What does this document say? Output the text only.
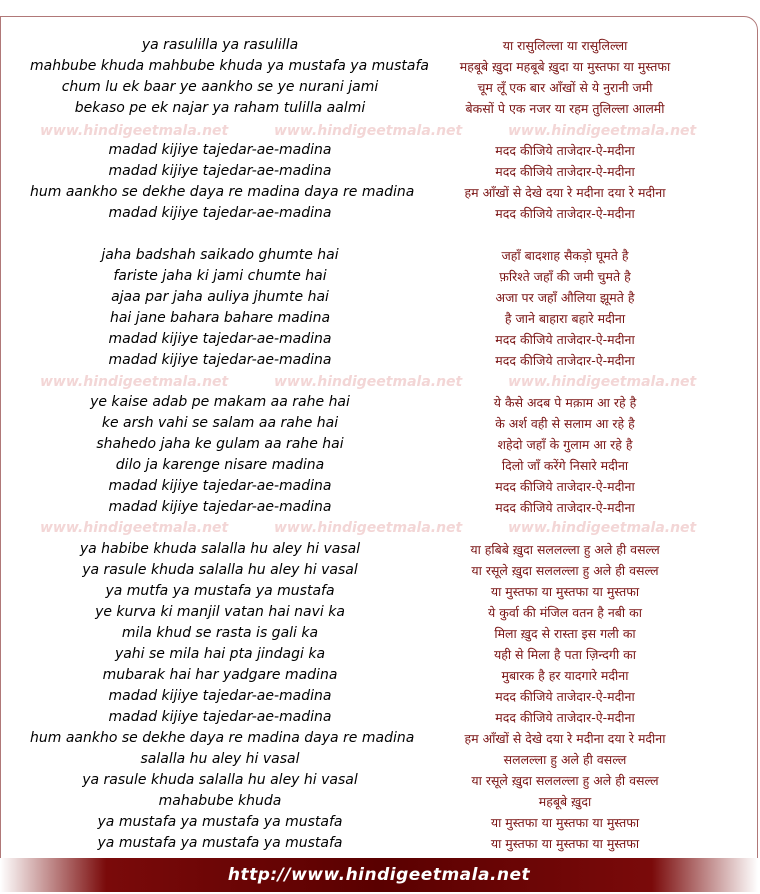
ya rasulilla ya rasulilla	या रासुलिल्ला या रासुलिल्ला
mahbube khuda mahbube khuda ya mustafa ya mustafa	महबूबे ख़ुदा महबूबे ख़ुदा या मुस्तफा या मुस्तफा
chum lu ek baar ye aankho se ye nurani jami	चूम लूँ एक बार आँखों से ये नुरानी जमी
bekaso pe ek najar ya raham tulilla aalmi	बेकसों पे एक नजर या रहम तुलिल्ला आलमी
madad kijiye tajedar-ae-madina	मदद कीजिये ताजेदार-ऐ-मदीना
madad kijiye tajedar-ae-madina	मदद कीजिये ताजेदार-ऐ-मदीना
hum aankho se dekhe daya re madina daya re madina	हम आँखों से देखे दया रे मदीना दया रे मदीना
madad kijiye tajedar-ae-madina	मदद कीजिये ताजेदार-ऐ-मदीना
jaha badshah saikado ghumte hai	जहाँ बादशाह सैकड़ो घूमते है
fariste jaha ki jami chumte hai	फ़रिश्ते जहाँ की जमी चुमते है
ajaa par jaha auliya jhumte hai	अजा पर जहाँ औलिया झूमते है
hai jane bahara bahare madina	है जाने बाहारा बहारे मदीना
madad kijiye tajedar-ae-madina	मदद कीजिये ताजेदार-ऐ-मदीना
madad kijiye tajedar-ae-madina	मदद कीजिये ताजेदार-ऐ-मदीना
ye kaise adab pe makam aa rahe hai	ये कैसे अदब पे मक़ाम आ रहे है
ke arsh vahi se salam aa rahe hai	के अर्श वही से सलाम आ रहे है
shahedo jaha ke gulam aa rahe hai	शहेदो जहाँ के गुलाम आ रहे है
dilo ja karenge nisare madina	दिलो जाँ करेंगे निसारे मदीना
madad kijiye tajedar-ae-madina	मदद कीजिये ताजेदार-ऐ-मदीना
madad kijiye tajedar-ae-madina	मदद कीजिये ताजेदार-ऐ-मदीना
ya habibe khuda salalla hu aley hi vasal	या हबिबे ख़ुदा सललल्ला हु अले ही वसल्ल
ya rasule khuda salalla hu aley hi vasal	या रसूले ख़ुदा सललल्ला हु अले ही वसल्ल
ya mutfa ya mustafa ya mustafa	या मुस्तफा या मुस्तफा या मुस्तफा
ye kurva ki manjil vatan hai navi ka	ये कुर्वा की मंजिल वतन है नबी का
mila khud se rasta is gali ka	मिला ख़ुद से रास्ता इस गली का
yahi se mila hai pta jindagi ka	यही से मिला है पता ज़िन्दगी का
mubarak hai har yadgare madina	मुबारक है हर यादगारे मदीना
madad kijiye tajedar-ae-madina	मदद कीजिये ताजेदार-ऐ-मदीना
madad kijiye tajedar-ae-madina	मदद कीजिये ताजेदार-ऐ-मदीना
hum aankho se dekhe daya re madina daya re madina	हम आँखों से देखे दया रे मदीना दया रे मदीना
salalla hu aley hi vasal	सललल्ला हु अले ही वसल्ल
ya rasule khuda salalla hu aley hi vasal	या रसूले ख़ुदा सललल्ला हु अले ही वसल्ल
mahabube khuda	महबूबे ख़ुदा
ya mustafa ya mustafa ya mustafa	या मुस्तफा या मुस्तफा या मुस्तफा
ya mustafa ya mustafa ya mustafa	या मुस्तफा या मुस्तफा या मुस्तफा
www.hindigeetmala.net	www.hindigeetmala.net	www.hindigeetmala.net
www.hindigeetmala.net	www.hindigeetmala.net	www.hindigeetmala.net
www.hindigeetmala.net	www.hindigeetmala.net	www.hindigeetmala.net
http://www.hindigeetmala.net
